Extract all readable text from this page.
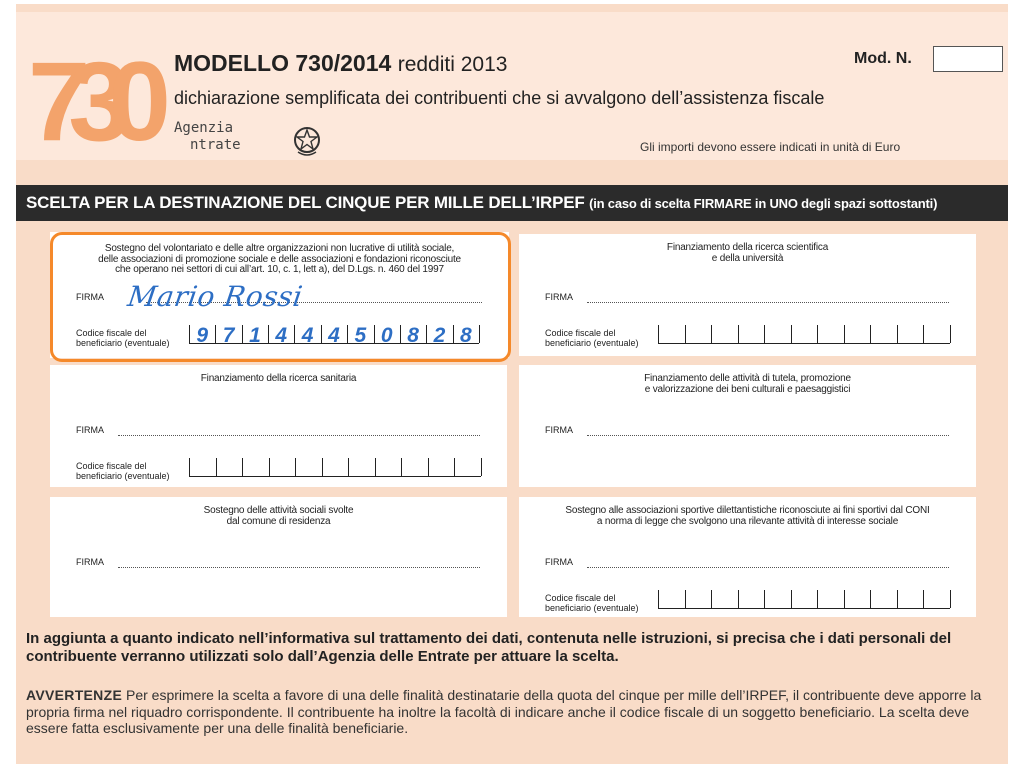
730	MODELLO 730/2014 redditi 2013
dichiarazione semplificata dei contribuenti che si avvalgono dell’assistenza fiscale
Agenzia
ntrate
Mod. N.
Gli importi devono essere indicati in unità di Euro
SCELTA PER LA DESTINAZIONE DEL CINQUE PER MILLE DELL’IRPEF (in caso di scelta FIRMARE in UNO degli spazi sottostanti)
Sostegno del volontariato e delle altre organizzazioni non lucrative di utilità sociale,
delle associazioni di promozione sociale e delle associazioni e fondazioni riconosciute
che operano nei settori di cui all’art. 10, c. 1, lett a), del D.Lgs. n. 460 del 1997
FIRMA Mario Rossi
Codice fiscale del
beneficiario (eventuale) 9 7 1 4 4 4 5 0 8 2 8
Finanziamento della ricerca scientifica
e della università
FIRMA
Codice fiscale del
beneficiario (eventuale)
Finanziamento della ricerca sanitaria
FIRMA
Codice fiscale del
beneficiario (eventuale)
Finanziamento delle attività di tutela, promozione
e valorizzazione dei beni culturali e paesaggistici
FIRMA
Sostegno delle attività sociali svolte
dal comune di residenza
FIRMA
Sostegno alle associazioni sportive dilettantistiche riconosciute ai fini sportivi dal CONI
a norma di legge che svolgono una rilevante attività di interesse sociale
FIRMA
Codice fiscale del
beneficiario (eventuale)
In aggiunta a quanto indicato nell’informativa sul trattamento dei dati, contenuta nelle istruzioni, si precisa che i dati personali del contribuente verranno utilizzati solo dall’Agenzia delle Entrate per attuare la scelta.
AVVERTENZE Per esprimere la scelta a favore di una delle finalità destinatarie della quota del cinque per mille dell’IRPEF, il contribuente deve apporre la propria firma nel riquadro corrispondente. Il contribuente ha inoltre la facoltà di indicare anche il codice fiscale di un soggetto beneficiario. La scelta deve essere fatta esclusivamente per una delle finalità beneficiarie.
